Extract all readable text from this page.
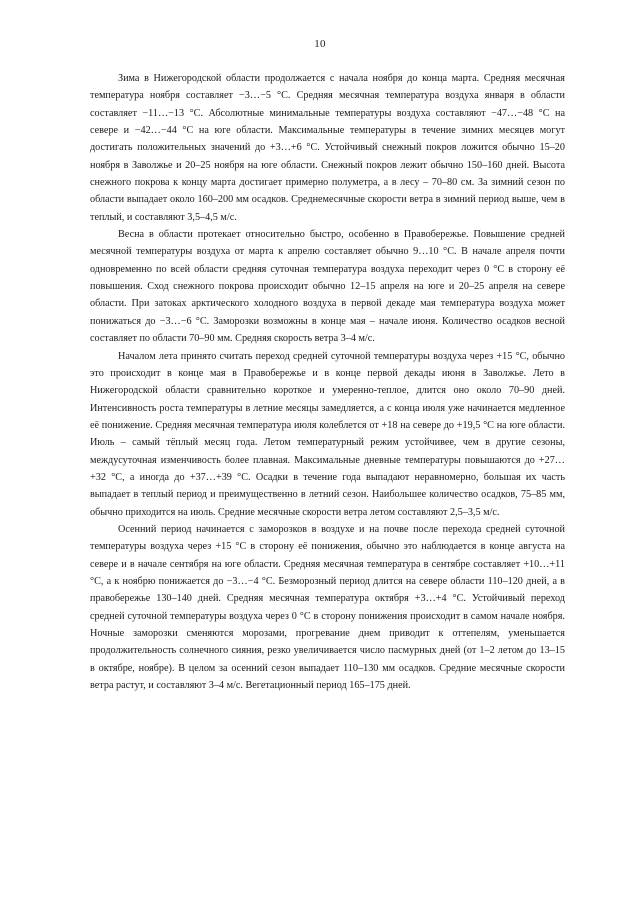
10

Зима в Нижегородской области продолжается с начала ноября до конца марта. Средняя месячная температура ноября составляет −3…−5 °С. Средняя месячная температура воздуха января в области составляет −11…−13 °С. Абсолютные минимальные температуры воздуха составляют −47…−48 °С на севере и −42…−44 °С на юге области. Максимальные температуры в течение зимних месяцев могут достигать положительных значений до +3…+6 °С. Устойчивый снежный покров ложится обычно 15–20 ноября в Заволжье и 20–25 ноября на юге области. Снежный покров лежит обычно 150–160 дней. Высота снежного покрова к концу марта достигает примерно полуметра, а в лесу – 70–80 см. За зимний сезон по области выпадает около 160–200 мм осадков. Среднемесячные скорости ветра в зимний период выше, чем в теплый, и составляют 3,5–4,5 м/с.

Весна в области протекает относительно быстро, особенно в Правобережье. Повышение средней месячной температуры воздуха от марта к апрелю составляет обычно 9…10 °С. В начале апреля почти одновременно по всей области средняя суточная температура воздуха переходит через 0 °С в сторону её повышения. Сход снежного покрова происходит обычно 12–15 апреля на юге и 20–25 апреля на севере области. При затоках арктического холодного воздуха в первой декаде мая температура воздуха может понижаться до −3…−6 °С. Заморозки возможны в конце мая – начале июня. Количество осадков весной составляет по области 70–90 мм. Средняя скорость ветра 3–4 м/с.

Началом лета принято считать переход средней суточной температуры воздуха через +15 °С, обычно это происходит в конце мая в Правобережье и в конце первой декады июня в Заволжье. Лето в Нижегородской области сравнительно короткое и умеренно-теплое, длится оно около 70–90 дней. Интенсивность роста температуры в летние месяцы замедляется, а с конца июля уже начинается медленное её понижение. Средняя месячная температура июля колеблется от +18 на севере до +19,5 °С на юге области. Июль – самый тёплый месяц года. Летом температурный режим устойчивее, чем в другие сезоны, междусуточная изменчивость более плавная. Максимальные дневные температуры повышаются до +27…+32 °С, а иногда до +37…+39 °С. Осадки в течение года выпадают неравномерно, большая их часть выпадает в теплый период и преимущественно в летний сезон. Наибольшее количество осадков, 75–85 мм, обычно приходится на июль. Средние месячные скорости ветра летом составляют 2,5–3,5 м/с.

Осенний период начинается с заморозков в воздухе и на почве после перехода средней суточной температуры воздуха через +15 °С в сторону её понижения, обычно это наблюдается в конце августа на севере и в начале сентября на юге области. Средняя месячная температура в сентябре составляет +10…+11 °С, а к ноябрю понижается до −3…−4 °С. Безморозный период длится на севере области 110–120 дней, а в правобережье 130–140 дней. Средняя месячная температура октября +3…+4 °С. Устойчивый переход средней суточной температуры воздуха через 0 °С в сторону понижения происходит в самом начале ноября. Ночные заморозки сменяются морозами, прогревание днем приводит к оттепелям, уменьшается продолжительность солнечного сияния, резко увеличивается число пасмурных дней (от 1–2 летом до 13–15 в октябре, ноябре). В целом за осенний сезон выпадает 110–130 мм осадков. Средние месячные скорости ветра растут, и составляют 3–4 м/с. Вегетационный период 165–175 дней.
